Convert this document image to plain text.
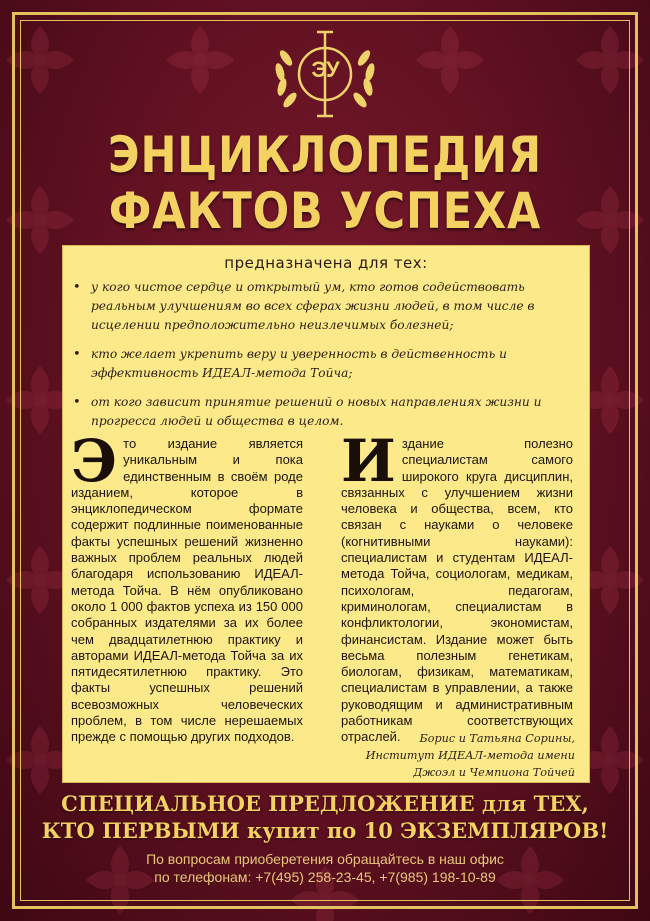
ЭУ
ЭНЦИКЛОПЕДИЯ
ФАКТОВ УСПЕХА
предназначена для тех:
• у кого чистое сердце и открытый ум, кто готов содействовать реальным улучшениям во всех сферах жизни людей, в том числе в исцелении предположительно неизлечимых болезней;
• кто желает укрепить веру и уверенность в действенность и эффективность ИДЕАЛ-метода Тойча;
• от кого зависит принятие решений о новых направлениях жизни и прогресса людей и общества в целом.
Это издание является уникальным и пока единственным в своём роде изданием, которое в энциклопедическом формате содержит подлинные поименованные факты успешных решений жизненно важных проблем реальных людей благодаря использованию ИДЕАЛ-метода Тойча. В нём опубликовано около 1 000 фактов успеха из 150 000 собранных издателями за их более чем двадцатилетнюю практику и авторами ИДЕАЛ-метода Тойча за их пятидесятилетнюю практику. Это факты успешных решений всевозможных человеческих проблем, в том числе нерешаемых прежде с помощью других подходов.
Издание полезно специалистам самого широкого круга дисциплин, связанных с улучшением жизни человека и общества, всем, кто связан с науками о человеке (когнитивными науками): специалистам и студентам ИДЕАЛ-метода Тойча, социологам, медикам, психологам, педагогам, криминологам, специалистам в конфликтологии, экономистам, финансистам. Издание может быть весьма полезным генетикам, биологам, физикам, математикам, специалистам в управлении, а также руководящим и административным работникам соответствующих отраслей.	Борис и Татьяна Сорины,
Институт ИДЕАЛ-метода имени
Джоэл и Чемпиона Тойчей
СПЕЦИАЛЬНОЕ ПРЕДЛОЖЕНИЕ для ТЕХ,
КТО ПЕРВЫМИ купит по 10 ЭКЗЕМПЛЯРОВ!
По вопросам приоберетения обращайтесь в наш офис
по телефонам: +7(495) 258-23-45, +7(985) 198-10-89
